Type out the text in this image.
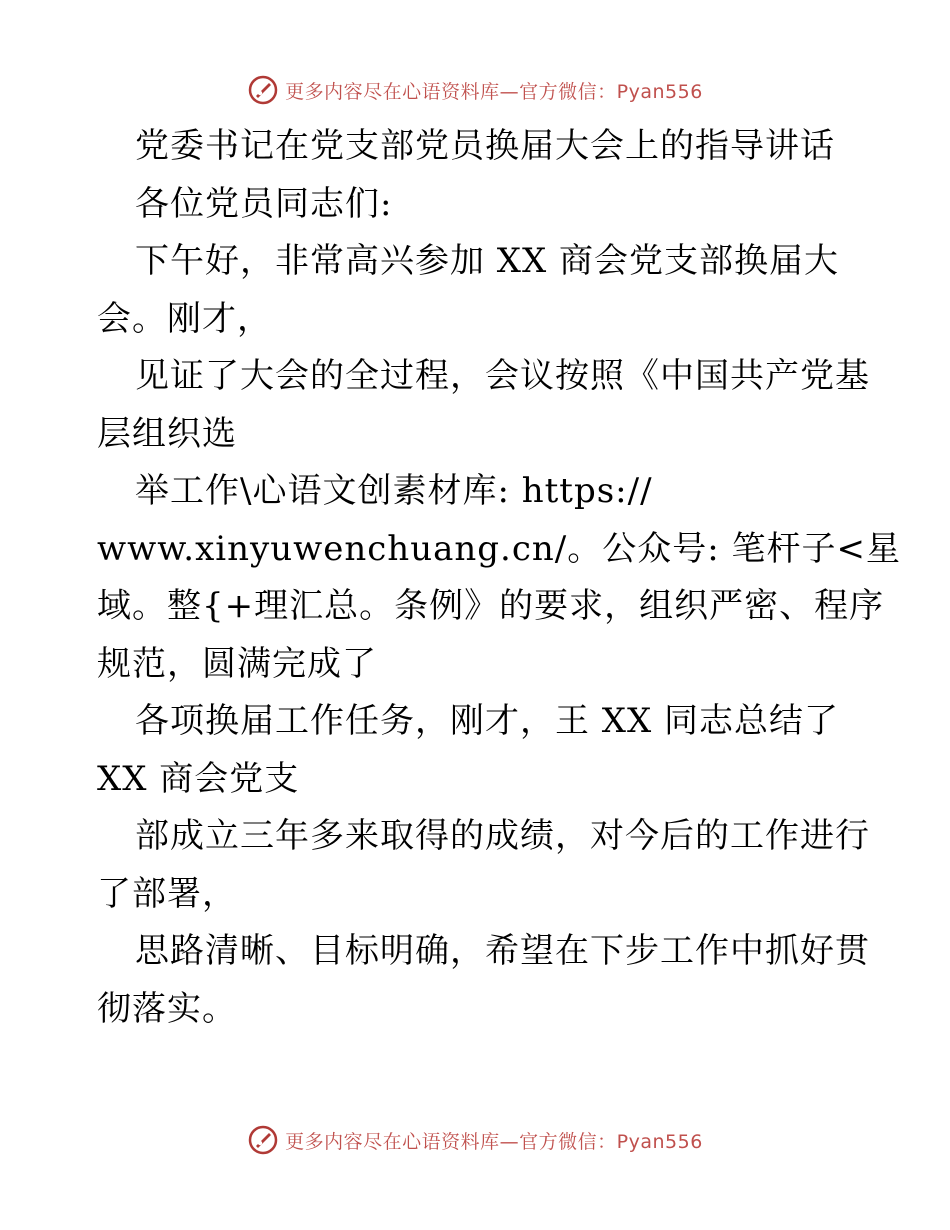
更多内容尽在心语资料库—官方微信：Pyan556
党委书记在党支部党员换届大会上的指导讲话
各位党员同志们:
下午好，非常高兴参加 XX 商会党支部换届大
会。刚才，
见证了大会的全过程，会议按照《中国共产党基
层组织选
举工作\心语文创素材库: https://
www.xinyuwenchuang.cn/。公众号: 笔杆子<星
域。整{+理汇总。条例》的要求，组织严密、程序
规范，圆满完成了
各项换届工作任务，刚才，王 XX 同志总结了
XX 商会党支
部成立三年多来取得的成绩，对今后的工作进行
了部署，
思路清晰、目标明确，希望在下步工作中抓好贯
彻落实。
更多内容尽在心语资料库—官方微信：Pyan556
